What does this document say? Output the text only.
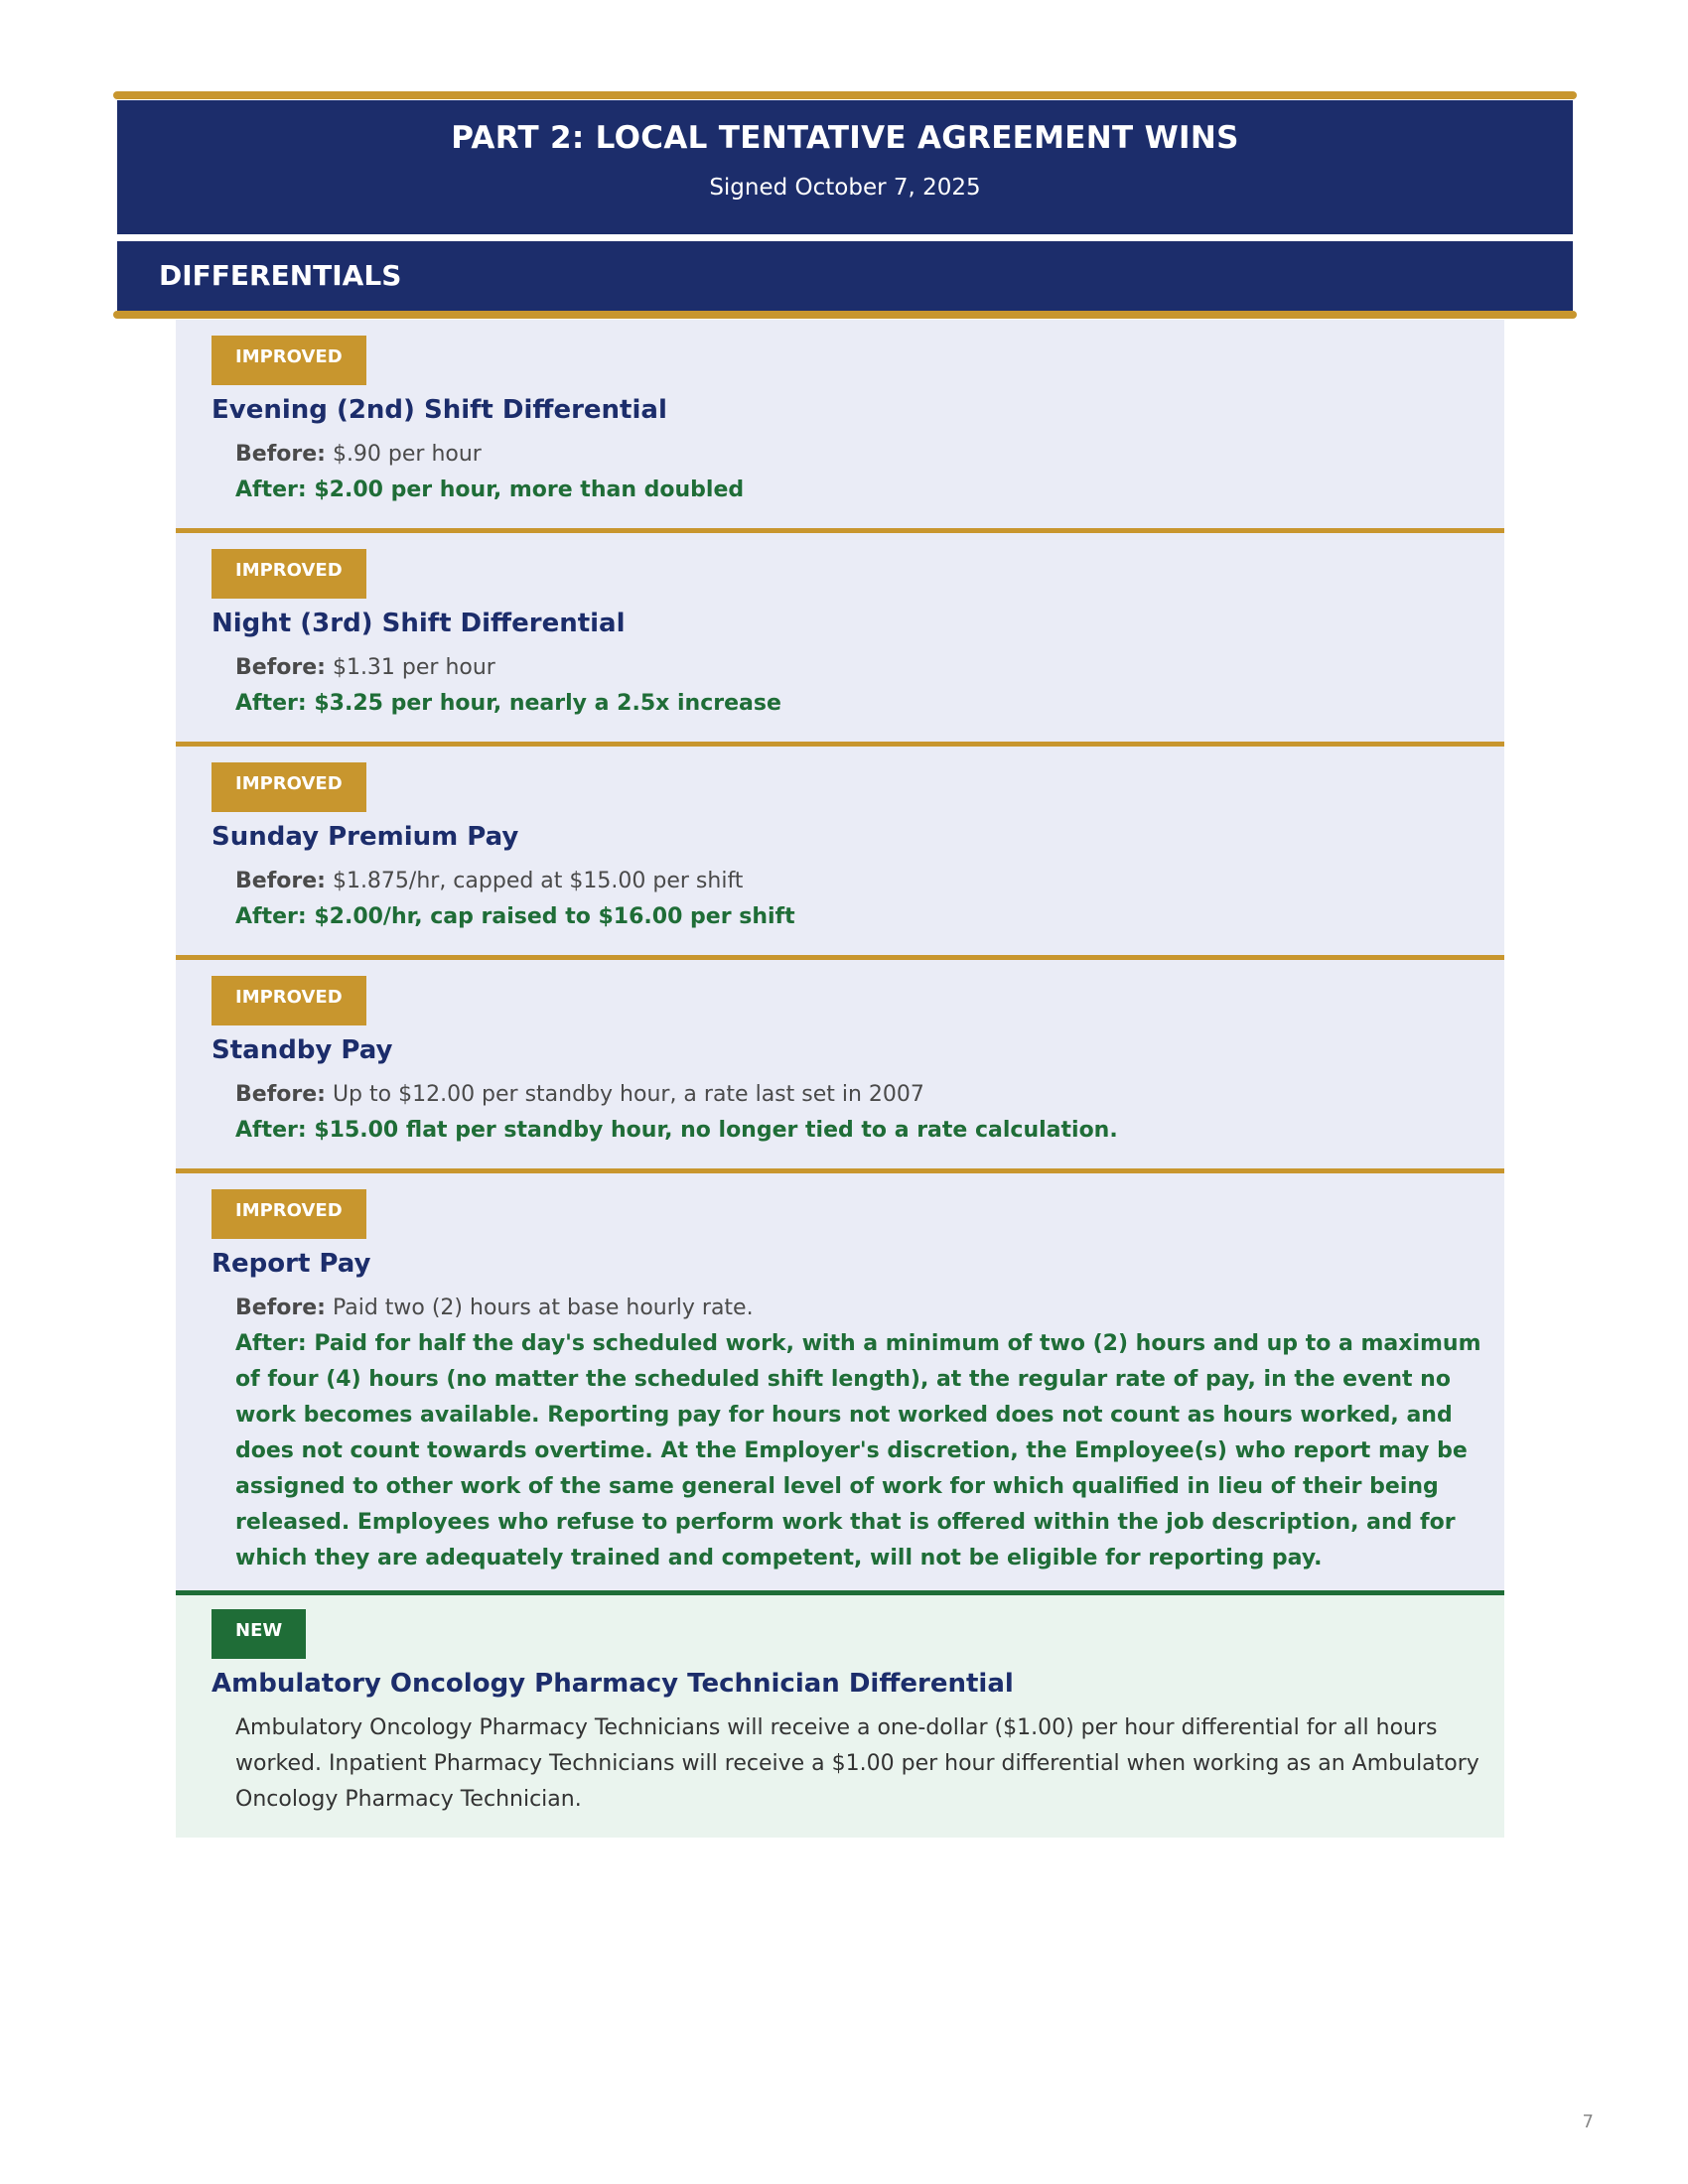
PART 2: LOCAL TENTATIVE AGREEMENT WINS
Signed October 7, 2025
DIFFERENTIALS
IMPROVED
Evening (2nd) Shift Differential
Before: $.90 per hour
After: $2.00 per hour, more than doubled
IMPROVED
Night (3rd) Shift Differential
Before: $1.31 per hour
After: $3.25 per hour, nearly a 2.5x increase
IMPROVED
Sunday Premium Pay
Before: $1.875/hr, capped at $15.00 per shift
After: $2.00/hr, cap raised to $16.00 per shift
IMPROVED
Standby Pay
Before: Up to $12.00 per standby hour, a rate last set in 2007
After: $15.00 flat per standby hour, no longer tied to a rate calculation.
IMPROVED
Report Pay
Before: Paid two (2) hours at base hourly rate.
After: Paid for half the day's scheduled work, with a minimum of two (2) hours and up to a maximum of four (4) hours (no matter the scheduled shift length), at the regular rate of pay, in the event no work becomes available. Reporting pay for hours not worked does not count as hours worked, and does not count towards overtime. At the Employer's discretion, the Employee(s) who report may be assigned to other work of the same general level of work for which qualified in lieu of their being released. Employees who refuse to perform work that is offered within the job description, and for which they are adequately trained and competent, will not be eligible for reporting pay.
NEW
Ambulatory Oncology Pharmacy Technician Differential
Ambulatory Oncology Pharmacy Technicians will receive a one-dollar ($1.00) per hour differential for all hours worked. Inpatient Pharmacy Technicians will receive a $1.00 per hour differential when working as an Ambulatory Oncology Pharmacy Technician.
7
